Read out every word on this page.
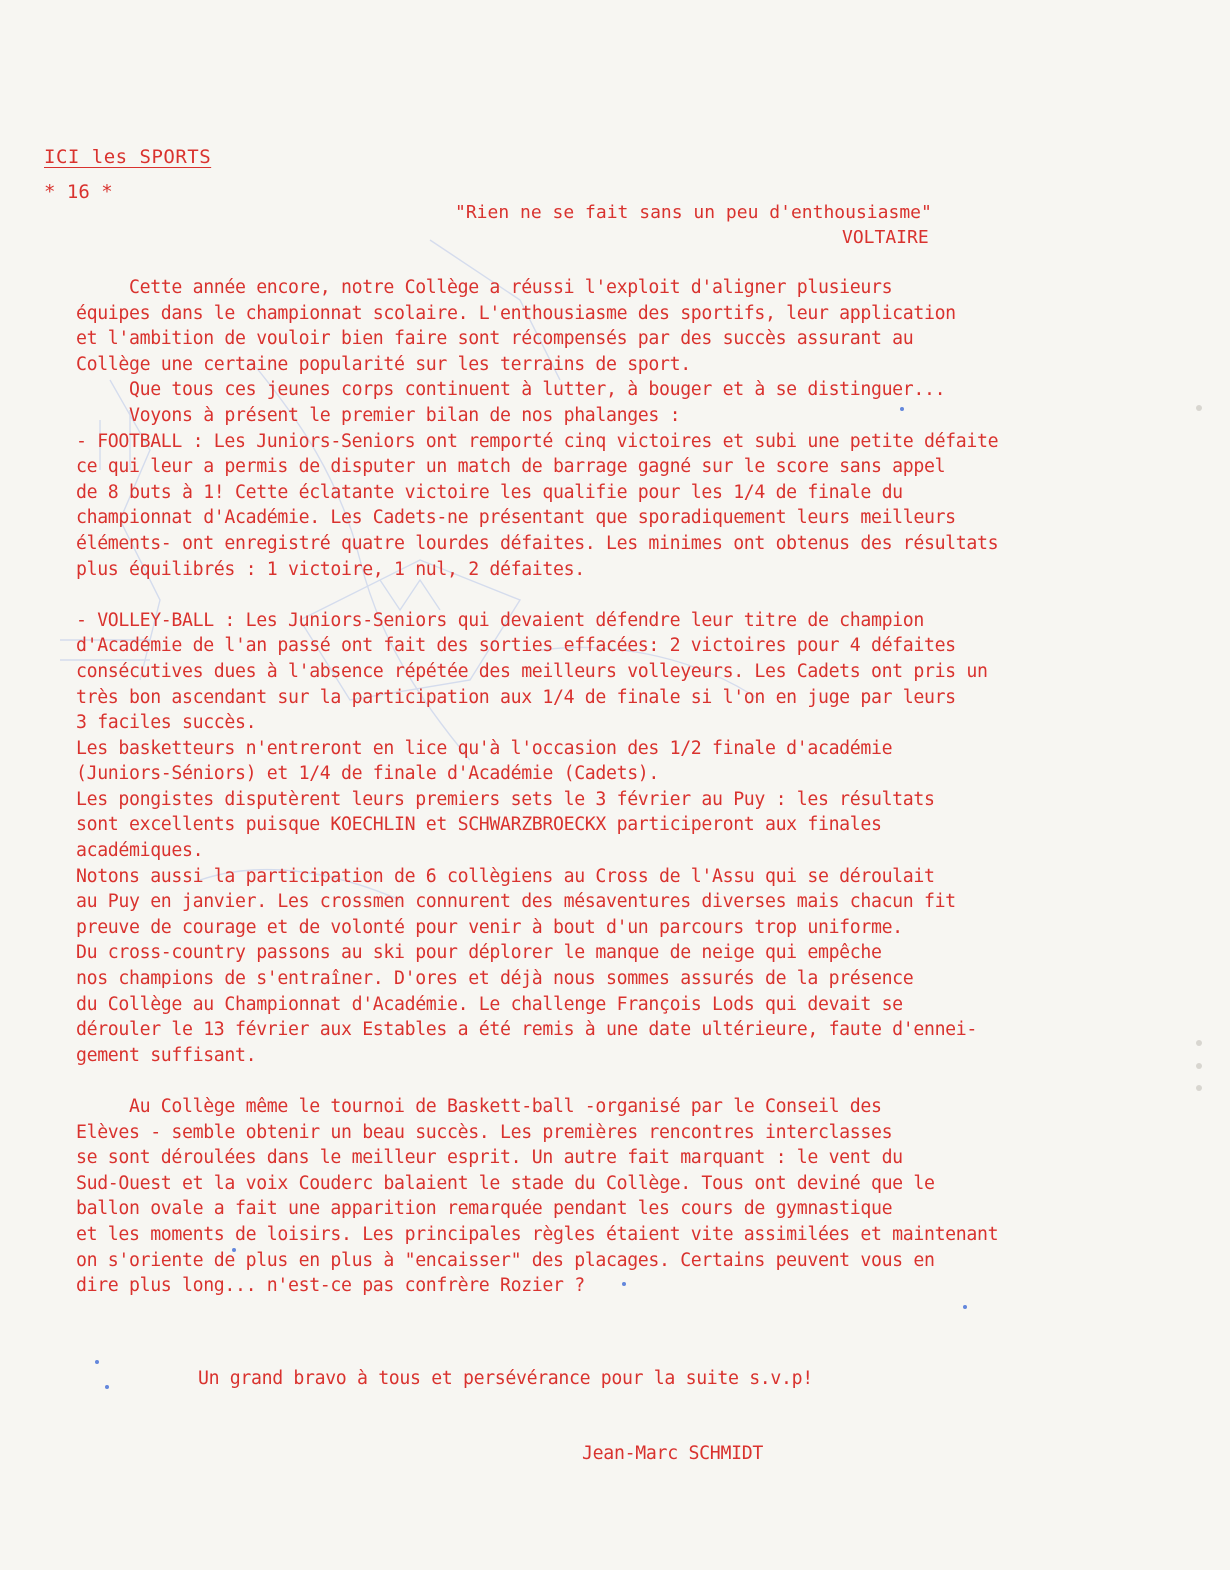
ICI les SPORTS
* 16 *
"Rien ne se fait sans un peu d'enthousiasme"
VOLTAIRE
Cette année encore, notre Collège a réussi l'exploit d'aligner plusieurs
équipes dans le championnat scolaire. L'enthousiasme des sportifs, leur application
et l'ambition de vouloir bien faire sont récompensés par des succès assurant au
Collège une certaine popularité sur les terrains de sport.
Que tous ces jeunes corps continuent à lutter, à bouger et à se distinguer...
Voyons à présent le premier bilan de nos phalanges :
- FOOTBALL : Les Juniors-Seniors ont remporté cinq victoires et subi une petite défaite
ce qui leur a permis de disputer un match de barrage gagné sur le score sans appel
de 8 buts à 1! Cette éclatante victoire les qualifie pour les 1/4 de finale du
championnat d'Académie. Les Cadets-ne présentant que sporadiquement leurs meilleurs
éléments- ont enregistré quatre lourdes défaites. Les minimes ont obtenus des résultats
plus équilibrés : 1 victoire, 1 nul, 2 défaites.
- VOLLEY-BALL : Les Juniors-Seniors qui devaient défendre leur titre de champion
d'Académie de l'an passé ont fait des sorties effacées: 2 victoires pour 4 défaites
consécutives dues à l'absence répétée des meilleurs volleyeurs. Les Cadets ont pris un
très bon ascendant sur la participation aux 1/4 de finale si l'on en juge par leurs
3 faciles succès.
Les basketteurs n'entreront en lice qu'à l'occasion des 1/2 finale d'académie
(Juniors-Séniors) et 1/4 de finale d'Académie (Cadets).
Les pongistes disputèrent leurs premiers sets le 3 février au Puy : les résultats
sont excellents puisque KOECHLIN et SCHWARZBROECKX participeront aux finales
académiques.
Notons aussi la participation de 6 collègiens au Cross de l'Assu qui se déroulait
au Puy en janvier. Les crossmen connurent des mésaventures diverses mais chacun fit
preuve de courage et de volonté pour venir à bout d'un parcours trop uniforme.
Du cross-country passons au ski pour déplorer le manque de neige qui empêche
nos champions de s'entraîner. D'ores et déjà nous sommes assurés de la présence
du Collège au Championnat d'Académie. Le challenge François Lods qui devait se
dérouler le 13 février aux Estables a été remis à une date ultérieure, faute d'ennei-
gement suffisant.
Au Collège même le tournoi de Baskett-ball -organisé par le Conseil des
Elèves - semble obtenir un beau succès. Les premières rencontres interclasses
se sont déroulées dans le meilleur esprit. Un autre fait marquant : le vent du
Sud-Ouest et la voix Couderc balaient le stade du Collège. Tous ont deviné que le
ballon ovale a fait une apparition remarquée pendant les cours de gymnastique
et les moments de loisirs. Les principales règles étaient vite assimilées et maintenant
on s'oriente de plus en plus à "encaisser" des placages. Certains peuvent vous en
dire plus long... n'est-ce pas confrère Rozier ?
Un grand bravo à tous et persévérance pour la suite s.v.p!
Jean-Marc SCHMIDT
